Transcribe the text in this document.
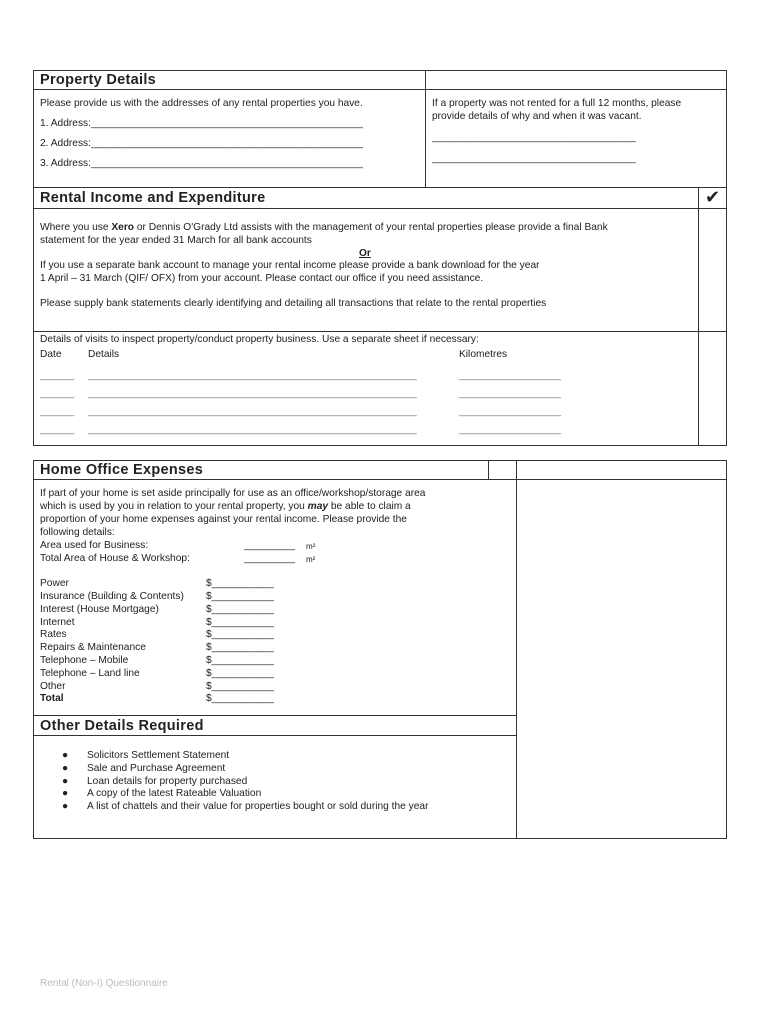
Property Details
Please provide us with the addresses of any rental properties you have.
1. Address:________________________________________________
2. Address:________________________________________________
3. Address:________________________________________________
If a property was not rented for a full 12 months, please
provide details of why and when it was vacant.
____________________________________
____________________________________
Rental Income and Expenditure	✔
Where you use Xero or Dennis O'Grady Ltd assists with the management of your rental properties please provide a final Bank
statement for the year ended 31 March for all bank accounts
Or
If you use a separate bank account to manage your rental income please provide a bank download for the year
1 April – 31 March (QIF/ OFX) from your account. Please contact our office if you need assistance.
Please supply bank statements clearly identifying and detailing all transactions that relate to the rental properties
Details of visits to inspect property/conduct property business. Use a separate sheet if necessary:
Date	Details	Kilometres
______ __________________________________________________________	__________________
______ __________________________________________________________	__________________
______ __________________________________________________________	__________________
______ __________________________________________________________	__________________
Home Office Expenses
If part of your home is set aside principally for use as an office/workshop/storage area
which is used by you in relation to your rental property, you may be able to claim a
proportion of your home expenses against your rental income. Please provide the
following details:
Area used for Business:	_________ m²
Total Area of House & Workshop:	_________ m²
Power	$___________
Insurance (Building & Contents) $___________
Interest (House Mortgage)	$___________
Internet	$___________
Rates	$___________
Repairs & Maintenance	$___________
Telephone – Mobile	$___________
Telephone – Land line	$___________
Other	$___________
Total	$___________
Other Details Required
● Solicitors Settlement Statement
● Sale and Purchase Agreement
● Loan details for property purchased
● A copy of the latest Rateable Valuation
● A list of chattels and their value for properties bought or sold during the year
Rental (Non-I) Questionnaire
